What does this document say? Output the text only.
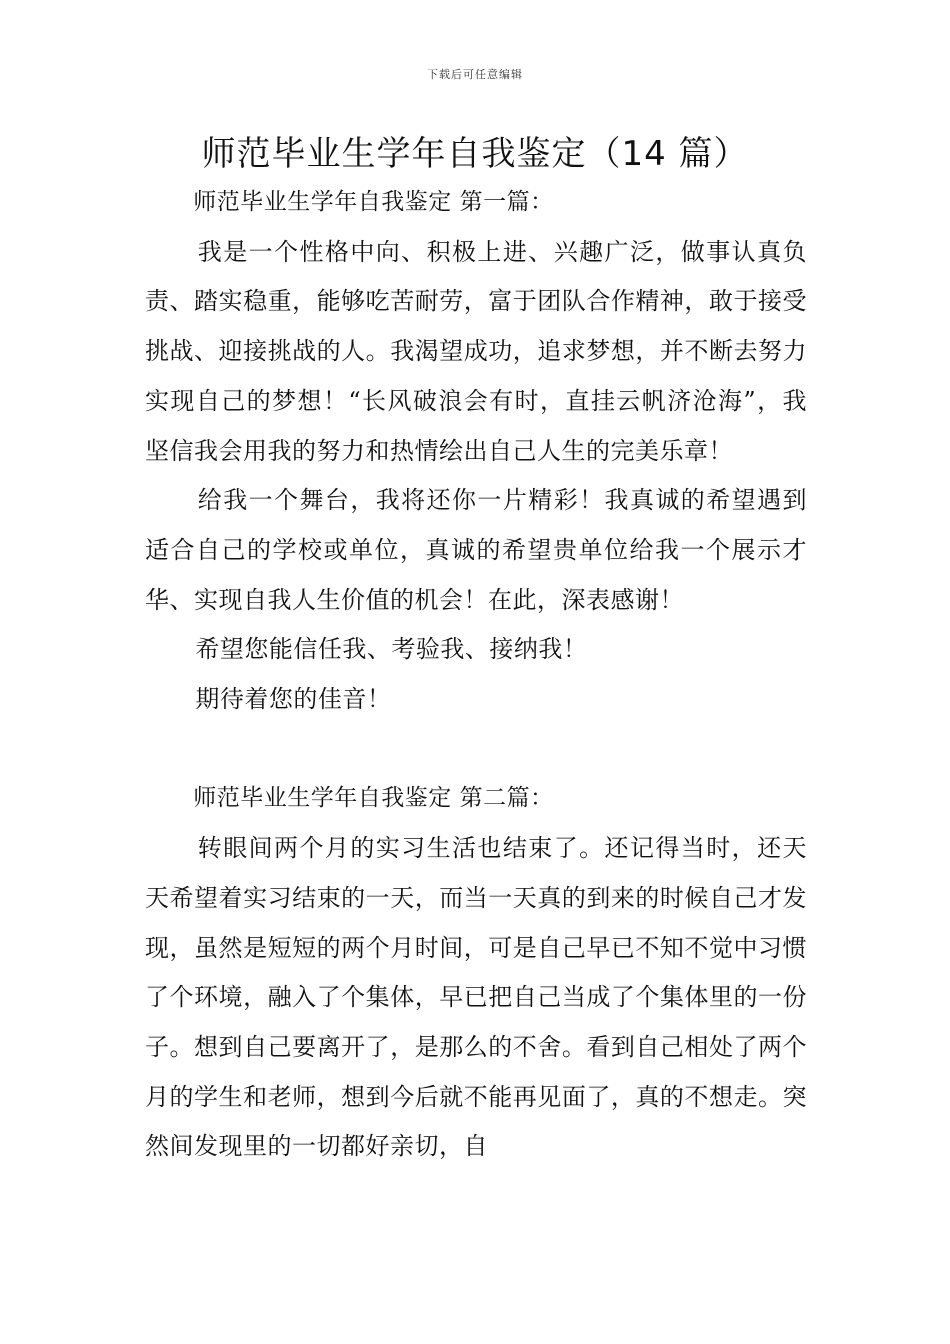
下载后可任意编辑
师范毕业生学年自我鉴定（14 篇）

师范毕业生学年自我鉴定 第一篇：

我是一个性格中向、积极上进、兴趣广泛，做事认真负责、踏实稳重，能够吃苦耐劳，富于团队合作精神，敢于接受挑战、迎接挑战的人。我渴望成功，追求梦想，并不断去努力实现自己的梦想！“长风破浪会有时，直挂云帆济沧海”，我坚信我会用我的努力和热情绘出自己人生的完美乐章！

给我一个舞台，我将还你一片精彩！我真诚的希望遇到适合自己的学校或单位，真诚的希望贵单位给我一个展示才华、实现自我人生价值的机会！在此，深表感谢！

希望您能信任我、考验我、接纳我！

期待着您的佳音！

师范毕业生学年自我鉴定 第二篇：

转眼间两个月的实习生活也结束了。还记得当时，还天天希望着实习结束的一天，而当一天真的到来的时候自己才发现，虽然是短短的两个月时间，可是自己早已不知不觉中习惯了个环境，融入了个集体，早已把自己当成了个集体里的一份子。想到自己要离开了，是那么的不舍。看到自己相处了两个月的学生和老师，想到今后就不能再见面了，真的不想走。突然间发现里的一切都好亲切，自
